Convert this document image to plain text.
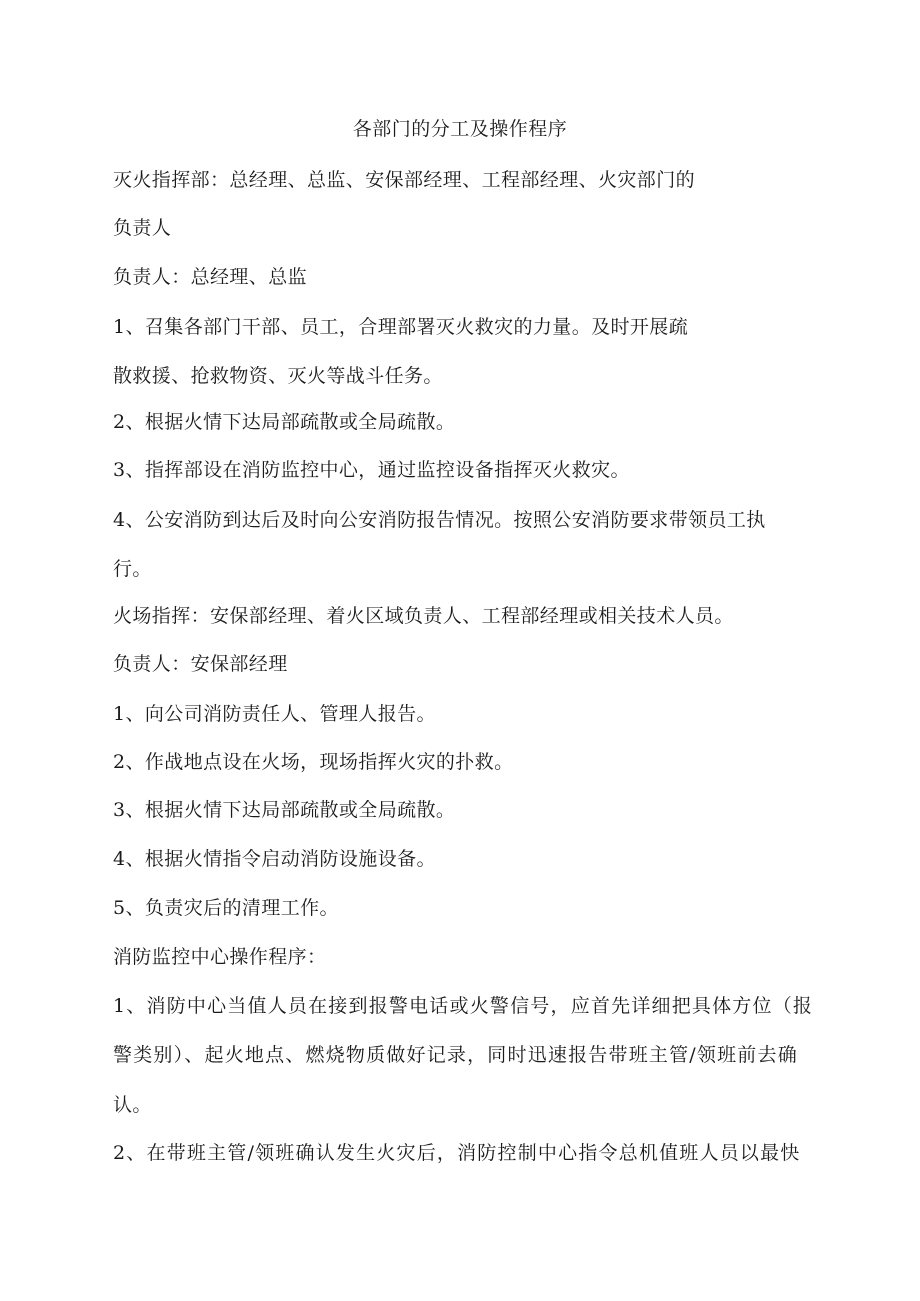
各部门的分工及操作程序
灭火指挥部：总经理、总监、安保部经理、工程部经理、火灾部门的
负责人
负责人：总经理、总监
1、召集各部门干部、员工，合理部署灭火救灾的力量。及时开展疏
散救援、抢救物资、灭火等战斗任务。
2、根据火情下达局部疏散或全局疏散。
3、指挥部设在消防监控中心，通过监控设备指挥灭火救灾。
4、公安消防到达后及时向公安消防报告情况。按照公安消防要求带领员工执
行。
火场指挥：安保部经理、着火区域负责人、工程部经理或相关技术人员。
负责人：安保部经理
1、向公司消防责任人、管理人报告。
2、作战地点设在火场，现场指挥火灾的扑救。
3、根据火情下达局部疏散或全局疏散。
4、根据火情指令启动消防设施设备。
5、负责灾后的清理工作。
消防监控中心操作程序：
1、消防中心当值人员在接到报警电话或火警信号，应首先详细把具体方位（报
警类别）、起火地点、燃烧物质做好记录，同时迅速报告带班主管/领班前去确
认。
2、在带班主管/领班确认发生火灾后，消防控制中心指令总机值班人员以最快
